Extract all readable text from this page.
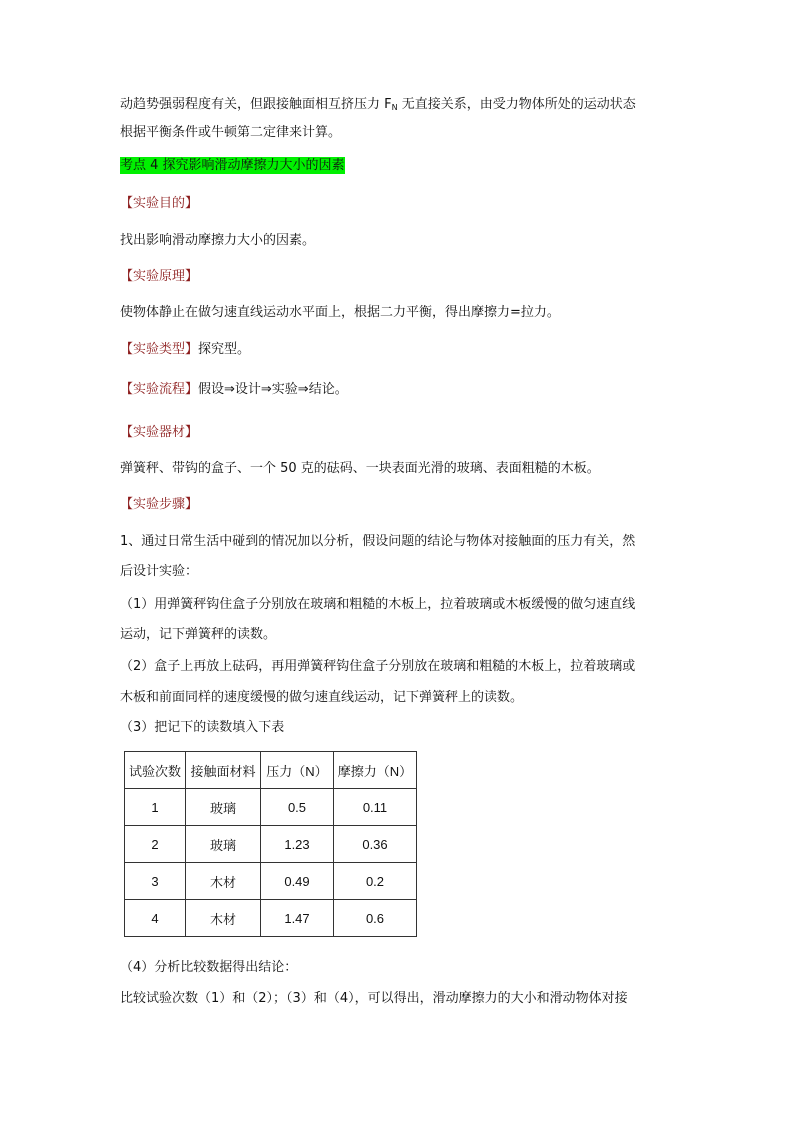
动趋势强弱程度有关，但跟接触面相互挤压力 $F_N$ 无直接关系，由受力物体所处的运动状态
根据平衡条件或牛顿第二定律来计算。
考点 4 探究影响滑动摩擦力大小的因素
【实验目的】
找出影响滑动摩擦力大小的因素。
【实验原理】
使物体静止在做匀速直线运动水平面上，根据二力平衡，得出摩擦力=拉力。
【实验类型】探究型。
【实验流程】假设⇒设计⇒实验⇒结论。
【实验器材】
弹簧秤、带钩的盒子、一个 50 克的砝码、一块表面光滑的玻璃、表面粗糙的木板。
【实验步骤】
1、通过日常生活中碰到的情况加以分析，假设问题的结论与物体对接触面的压力有关，然
后设计实验：
（1）用弹簧秤钩住盒子分别放在玻璃和粗糙的木板上，拉着玻璃或木板缓慢的做匀速直线
运动，记下弹簧秤的读数。
（2）盒子上再放上砝码，再用弹簧秤钩住盒子分别放在玻璃和粗糙的木板上，拉着玻璃或
木板和前面同样的速度缓慢的做匀速直线运动，记下弹簧秤上的读数。
（3）把记下的读数填入下表
试验次数	接触面材料	压力（N）	摩擦力（N）
1	玻璃	0.5	0.11
2	玻璃	1.23	0.36
3	木材	0.49	0.2
4	木材	1.47	0.6
（4）分析比较数据得出结论：
比较试验次数（1）和（2）；（3）和（4），可以得出，滑动摩擦力的大小和滑动物体对接
